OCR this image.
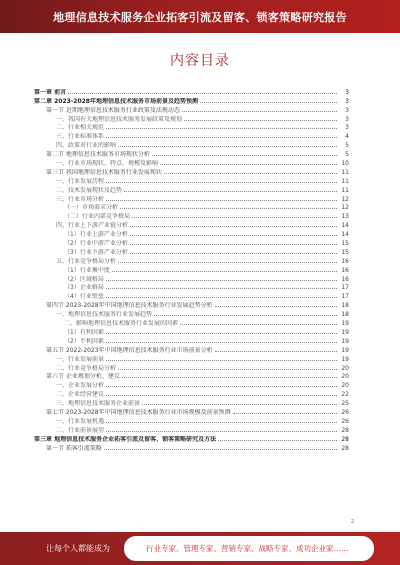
地理信息技术服务企业拓客引流及留客、锁客策略研究报告
内容目录
第一章 前言	3
第二章 2023-2028年地理信息技术服务市场前景及趋势预测	3
第一节 近期地理信息技术服务行业政策及法规动态	3
一、我国有关地理信息技术服务发展政策及规划	3
二、行业相关规范	3
三、行业标准体系	4
四、政策对行业的影响	5
第二节 地理信息技术服务市场现状分析	5
一、行业市场现状、特点、规模及影响	10
第三节 我国地理信息技术服务行业发展现状	11
一、行业发展历程	11
二、技术发展现状及趋势	11
三、行业市场分析	12
（一）市场需求分析	12
（二）行业内部竞争格局	13
四、行业上下游产业链分析	14
（1）行业上游产业分析	14
（2）行业中游产业分析	15
（3）行业下游产业分析	15
五、行业竞争格局分析	16
（1）行业集中度	16
（2）区域格局	16
（3）企业格局	17
（4）行业壁垒	17
第四节 2023-2028年中国地理信息技术服务行业发展趋势分析	18
一、地理信息技术服务行业发展趋势	18
二、影响地理信息技术服务行业发展的因素	19
（1）有利因素	19
（2）不利因素	19
第五节 2022-2023年中国地理信息技术服务行业市场前景分析	19
一、行业发展前景	19
二、行业竞争格局分析	20
第六节 企业规划分析、建议	20
一、企业发展分析	20
二、企业经营建议	22
三、地理信息技术服务企业前景	25
第七节 2023-2028年中国地理信息技术服务行业市场规模及前景预测	26
一、行业发展机遇	26
二、行业前景展望	28
第三章 地理信息技术服务企业拓客引流及留客、锁客策略研究及方法	28
第一节 拓客引流策略	28
2
让每个人都能成为	行业专家、管理专家、营销专家、战略专家、成功企业家……
